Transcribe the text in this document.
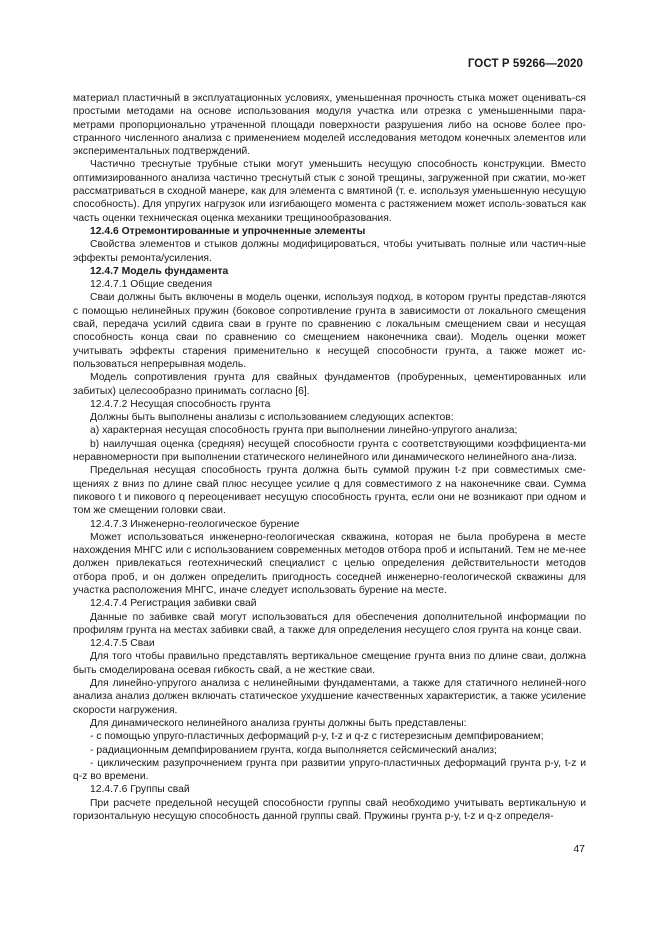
ГОСТ Р 59266—2020

материал пластичный в эксплуатационных условиях, уменьшенная прочность стыка может оценивать-ся простыми методами на основе использования модуля участка или отрезка с уменьшенными пара-метрами пропорционально утраченной площади поверхности разрушения либо на основе более про-странного численного анализа с применением моделей исследования методом конечных элементов или экспериментальных подтверждений.

Частично треснутые трубные стыки могут уменьшить несущую способность конструкции. Вместо оптимизированного анализа частично треснутый стык с зоной трещины, загруженной при сжатии, мо-жет рассматриваться в сходной манере, как для элемента с вмятиной (т. е. используя уменьшенную несущую способность). Для упругих нагрузок или изгибающего момента с растяжением может исполь-зоваться как часть оценки техническая оценка механики трещинообразования.

12.4.6 Отремонтированные и упрочненные элементы

Свойства элементов и стыков должны модифицироваться, чтобы учитывать полные или частич-ные эффекты ремонта/усиления.

12.4.7 Модель фундамента

12.4.7.1 Общие сведения

Сваи должны быть включены в модель оценки, используя подход, в котором грунты представ-ляются с помощью нелинейных пружин (боковое сопротивление грунта в зависимости от локального смещения свай, передача усилий сдвига сваи в грунте по сравнению с локальным смещением сваи и несущая способность конца сваи по сравнению со смещением наконечника сваи). Модель оценки может учитывать эффекты старения применительно к несущей способности грунта, а также может ис-пользоваться непрерывная модель.

Модель сопротивления грунта для свайных фундаментов (пробуренных, цементированных или забитых) целесообразно принимать согласно [6].

12.4.7.2 Несущая способность грунта

Должны быть выполнены анализы с использованием следующих аспектов:

а) характерная несущая способность грунта при выполнении линейно-упругого анализа;

b) наилучшая оценка (средняя) несущей способности грунта с соответствующими коэффициента-ми неравномерности при выполнении статического нелинейного или динамического нелинейного ана-лиза.

Предельная несущая способность грунта должна быть суммой пружин t-z при совместимых сме-щениях z вниз по длине свай плюс несущее усилие q для совместимого z на наконечнике сваи. Сумма пикового t и пикового q переоценивает несущую способность грунта, если они не возникают при одном и том же смещении головки сваи.

12.4.7.3 Инженерно-геологическое бурение

Может использоваться инженерно-геологическая скважина, которая не была пробурена в месте нахождения МНГС или с использованием современных методов отбора проб и испытаний. Тем не ме-нее должен привлекаться геотехнический специалист с целью определения действительности методов отбора проб, и он должен определить пригодность соседней инженерно-геологической скважины для участка расположения МНГС, иначе следует использовать бурение на месте.

12.4.7.4 Регистрация забивки свай

Данные по забивке свай могут использоваться для обеспечения дополнительной информации по профилям грунта на местах забивки свай, а также для определения несущего слоя грунта на конце сваи.

12.4.7.5 Сваи

Для того чтобы правильно представлять вертикальное смещение грунта вниз по длине сваи, должна быть смоделирована осевая гибкость свай, а не жесткие сваи.

Для линейно-упругого анализа с нелинейными фундаментами, а также для статичного нелиней-ного анализа анализ должен включать статическое ухудшение качественных характеристик, а также усиление скорости нагружения.

Для динамического нелинейного анализа грунты должны быть представлены:

- с помощью упруго-пластичных деформаций p-y, t-z и q-z с гистерезисным демпфированием;

- радиационным демпфированием грунта, когда выполняется сейсмический анализ;

- циклическим разупрочнением грунта при развитии упруго-пластичных деформаций грунта p-y, t-z и q-z во времени.

12.4.7.6 Группы свай

При расчете предельной несущей способности группы свай необходимо учитывать вертикальную и горизонтальную несущую способность данной группы свай. Пружины грунта p-y, t-z и q-z определя-

47
